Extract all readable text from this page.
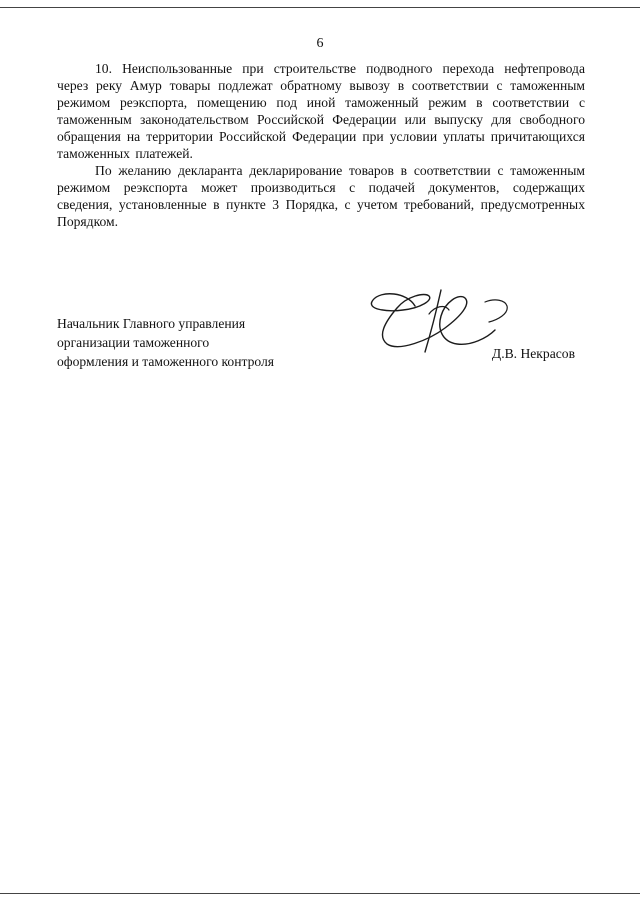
6

10. Неиспользованные при строительстве подводного перехода нефтепровода через реку Амур товары подлежат обратному вывозу в соответствии с таможенным режимом реэкспорта, помещению под иной таможенный режим в соответствии с таможенным законодательством Российской Федерации или выпуску для свободного обращения на территории Российской Федерации при условии уплаты причитающихся таможенных платежей.

По желанию декларанта декларирование товаров в соответствии с таможенным режимом реэкспорта может производиться с подачей документов, содержащих сведения, установленные в пункте 3 Порядка, с учетом требований, предусмотренных Порядком.

Начальник Главного управления
организации таможенного
оформления и таможенного контроля
Д.В. Некрасов
